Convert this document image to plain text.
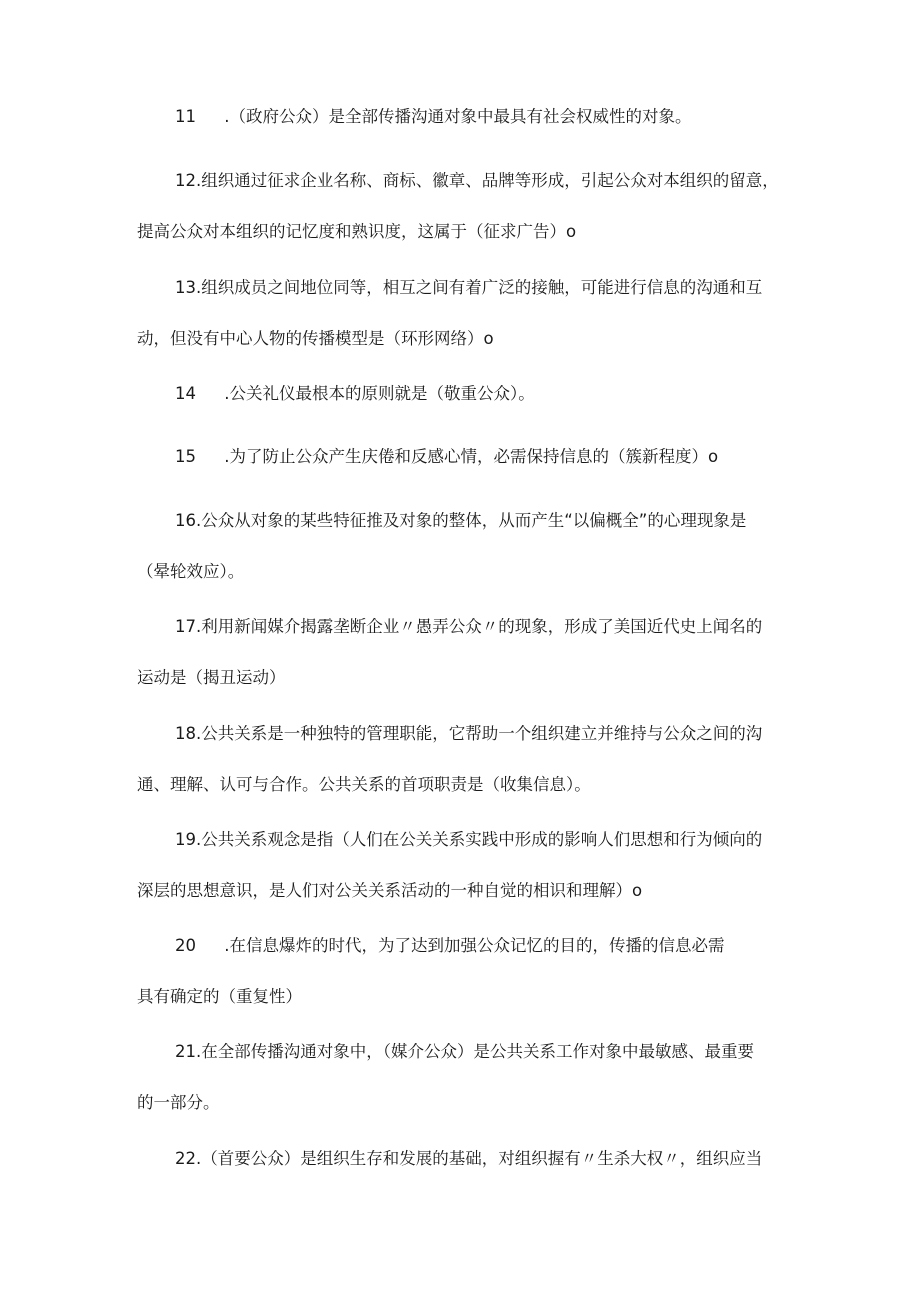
11 .（政府公众）是全部传播沟通对象中最具有社会权威性的对象。
12.组织通过征求企业名称、商标、徽章、品牌等形成，引起公众对本组织的留意，
提高公众对本组织的记忆度和熟识度，这属于（征求广告）o
13.组织成员之间地位同等，相互之间有着广泛的接触，可能进行信息的沟通和互
动，但没有中心人物的传播模型是（环形网络）o
14 .公关礼仪最根本的原则就是（敬重公众）。
15 .为了防止公众产生庆倦和反感心情，必需保持信息的（簇新程度）o
16.公众从对象的某些特征推及对象的整体，从而产生“以偏概全”的心理现象是
（晕轮效应）。
17.利用新闻媒介揭露垄断企业〃愚弄公众〃的现象，形成了美国近代史上闻名的
运动是（揭丑运动）
18.公共关系是一种独特的管理职能，它帮助一个组织建立并维持与公众之间的沟
通、理解、认可与合作。公共关系的首项职责是（收集信息）。
19.公共关系观念是指（人们在公关关系实践中形成的影响人们思想和行为倾向的
深层的思想意识，是人们对公关关系活动的一种自觉的相识和理解）o
20 .在信息爆炸的时代，为了达到加强公众记忆的目的，传播的信息必需
具有确定的（重复性）
21.在全部传播沟通对象中，（媒介公众）是公共关系工作对象中最敏感、最重要
的一部分。
22.（首要公众）是组织生存和发展的基础，对组织握有〃生杀大权〃，组织应当
